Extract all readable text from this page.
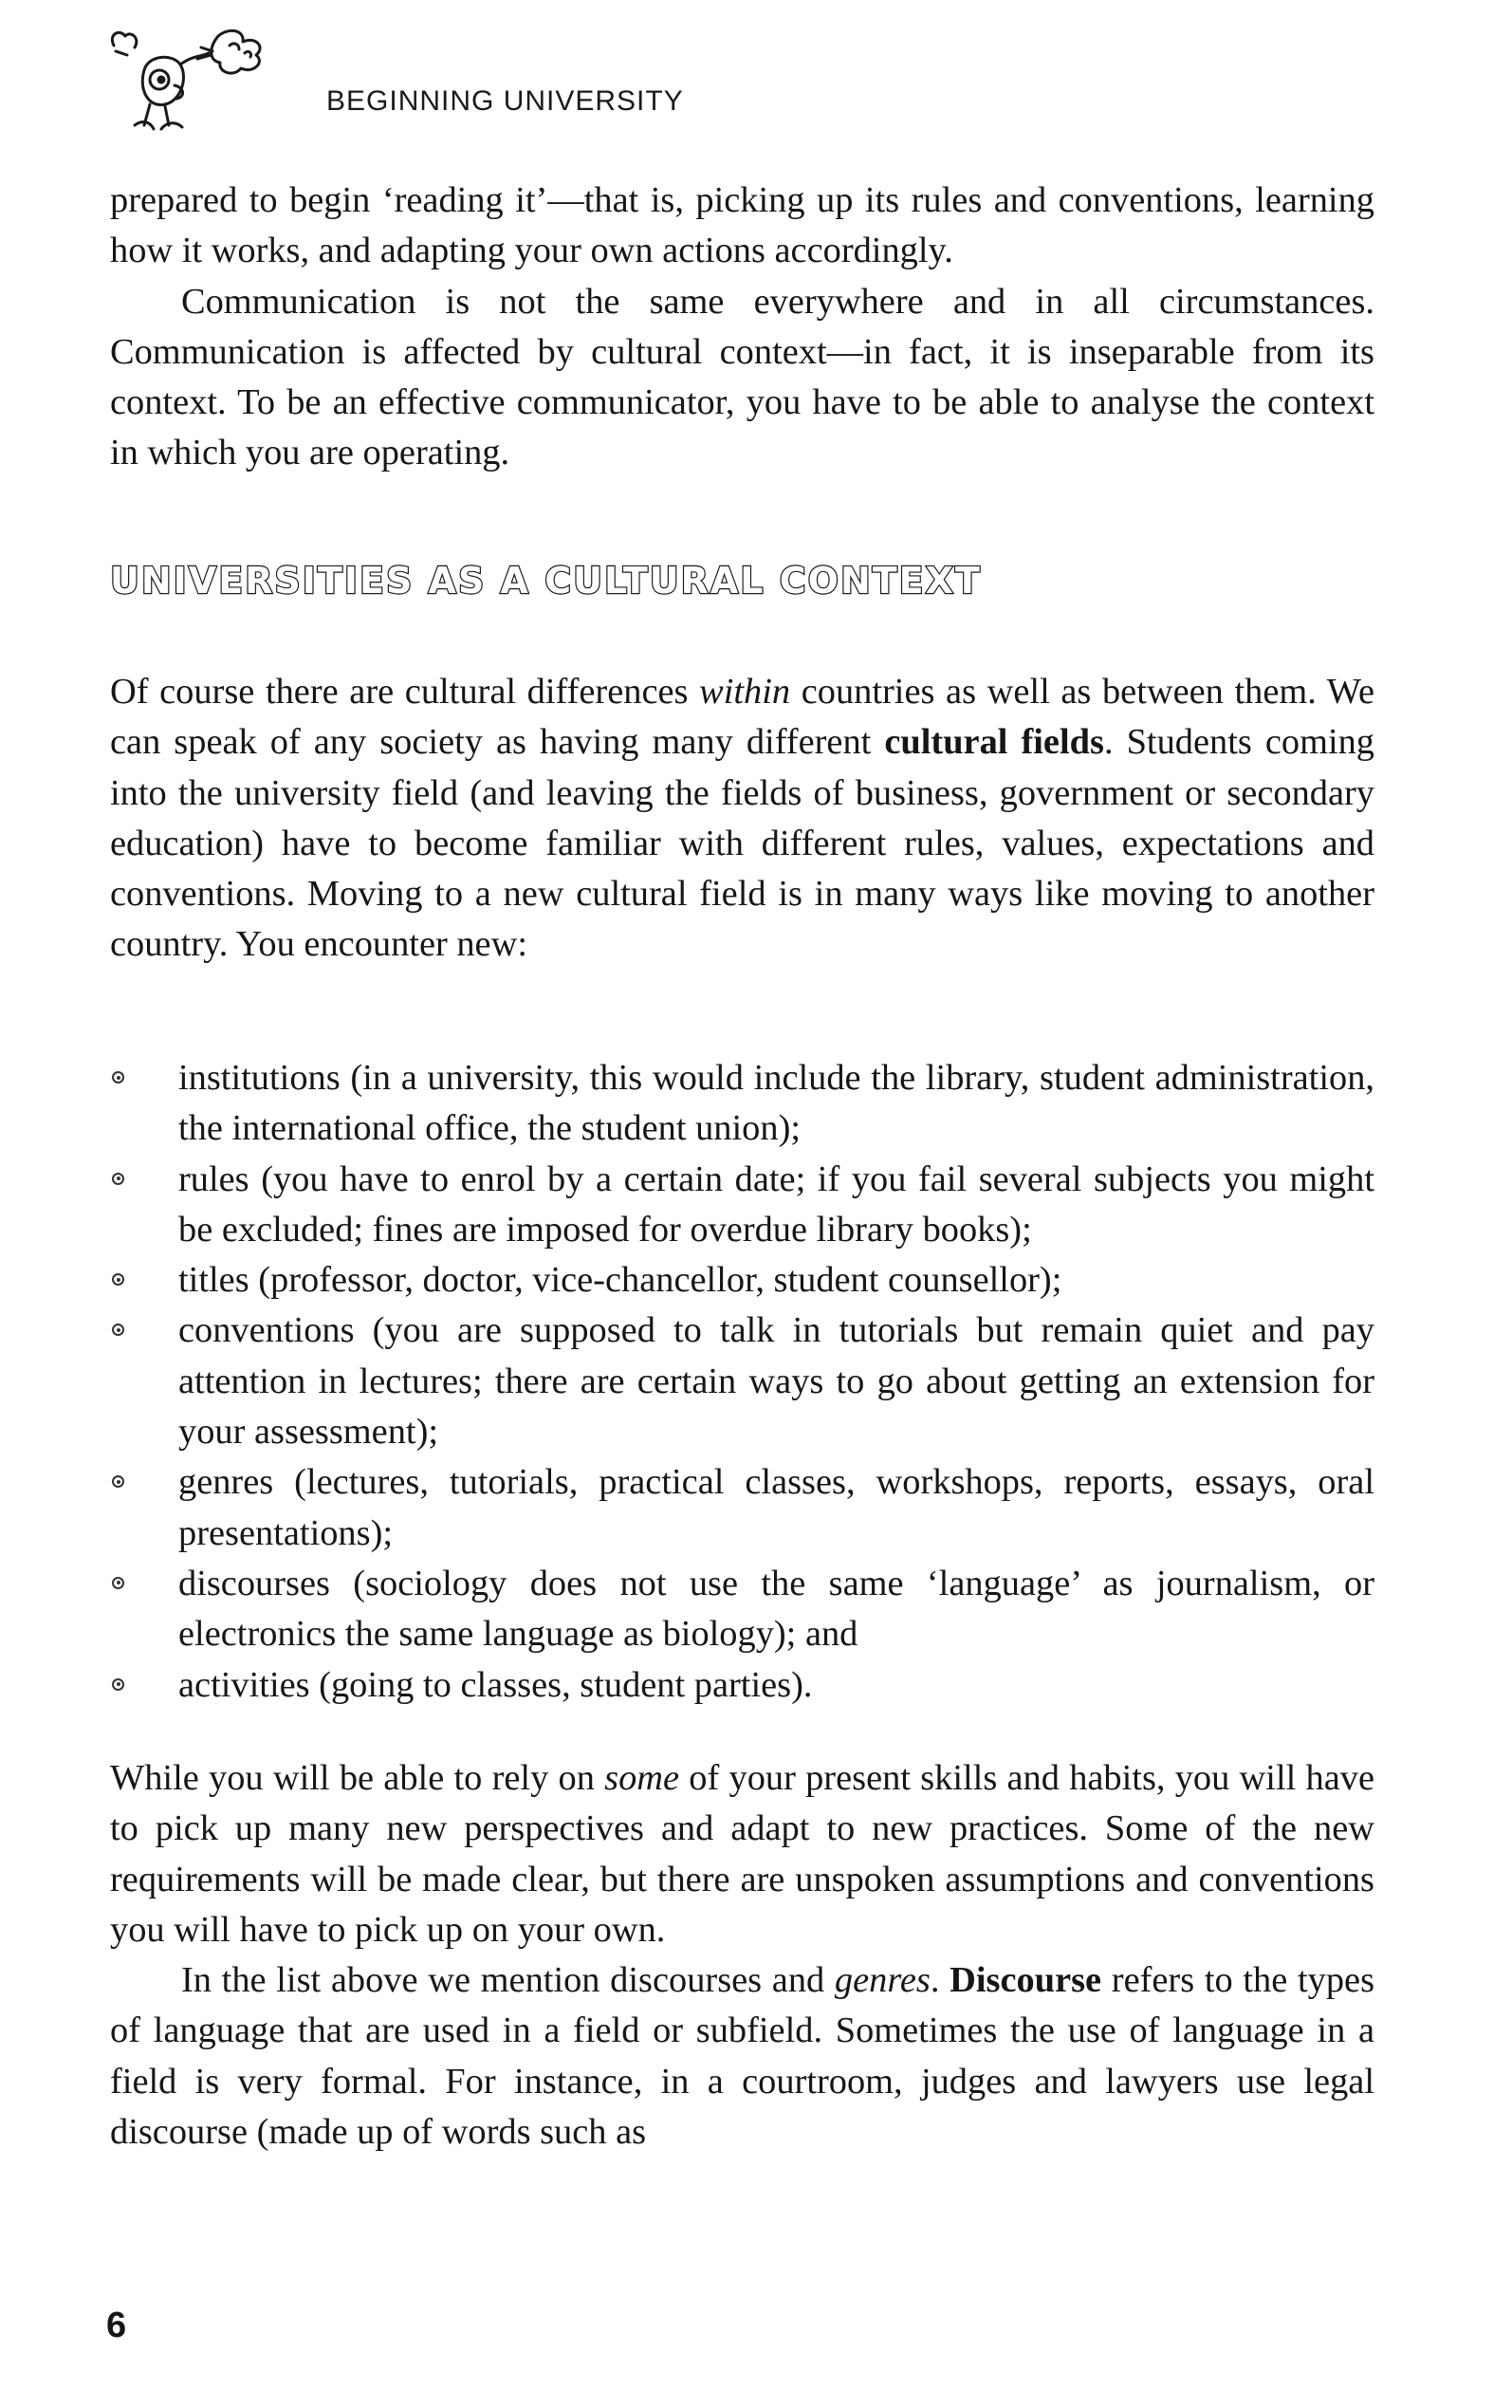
BEGINNING UNIVERSITY

prepared to begin ‘reading it’—that is, picking up its rules and conventions, learning how it works, and adapting your own actions accordingly.

Communication is not the same everywhere and in all circumstances. Communication is affected by cultural context—in fact, it is inseparable from its context. To be an effective communicator, you have to be able to analyse the context in which you are operating.

UNIVERSITIES AS A CULTURAL CONTEXT

Of course there are cultural differences within countries as well as between them. We can speak of any society as having many different cultural fields. Students coming into the university field (and leaving the fields of business, government or secondary education) have to become familiar with different rules, values, expectations and conventions. Moving to a new cultural field is in many ways like moving to another country. You encounter new:

institutions (in a university, this would include the library, student administration, the international office, the student union);
rules (you have to enrol by a certain date; if you fail several subjects you might be excluded; fines are imposed for overdue library books);
titles (professor, doctor, vice-chancellor, student counsellor);
conventions (you are supposed to talk in tutorials but remain quiet and pay attention in lectures; there are certain ways to go about getting an extension for your assessment);
genres (lectures, tutorials, practical classes, workshops, reports, essays, oral presentations);
discourses (sociology does not use the same ‘language’ as journalism, or electronics the same language as biology); and
activities (going to classes, student parties).

While you will be able to rely on some of your present skills and habits, you will have to pick up many new perspectives and adapt to new practices. Some of the new requirements will be made clear, but there are unspoken assumptions and conventions you will have to pick up on your own.

In the list above we mention discourses and genres. Discourse refers to the types of language that are used in a field or subfield. Sometimes the use of language in a field is very formal. For instance, in a courtroom, judges and lawyers use legal discourse (made up of words such as

6
